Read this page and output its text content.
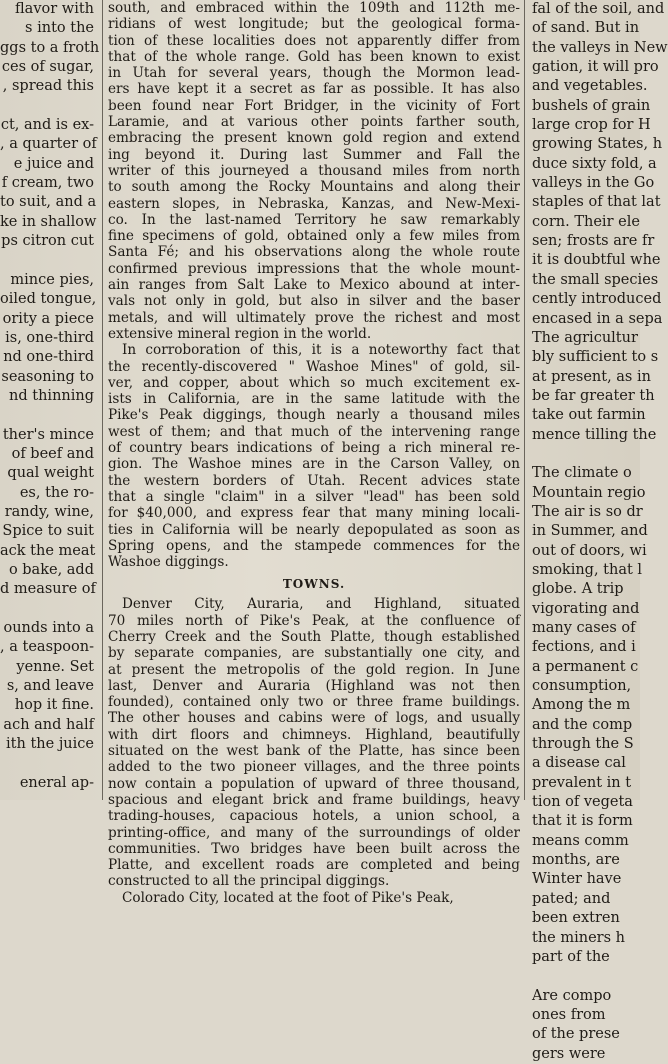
flavor with
s into the
ggs to a froth
ces of sugar,
, spread this

ct, and is ex-
, a quarter of
e juice and
f cream, two
to suit, and a
ke in shallow
ps citron cut

mince pies,
oiled tongue,
ority a piece
is, one-third
nd one-third
seasoning to
nd thinning

ther's mince
of beef and
qual weight
es, the ro-
randy, wine,
Spice to suit
ack the meat
o bake, add
d measure of

ounds into a
, a teaspoon-
yenne. Set
s, and leave
hop it fine.
ach and half
ith the juice

eneral ap-
south, and embraced within the 109th and 112th me-
ridians of west longitude; but the geological forma-
tion of these localities does not apparently differ from
that of the whole range. Gold has been known to exist
in Utah for several years, though the Mormon lead-
ers have kept it a secret as far as possible. It has also
been found near Fort Bridger, in the vicinity of Fort
Laramie, and at various other points farther south,
embracing the present known gold region and extend
ing beyond it. During last Summer and Fall the
writer of this journeyed a thousand miles from north
to south among the Rocky Mountains and along their
eastern slopes, in Nebraska, Kanzas, and New-Mexi-
co. In the last-named Territory he saw remarkably
fine specimens of gold, obtained only a few miles from
Santa Fé; and his observations along the whole route
confirmed previous impressions that the whole mount-
ain ranges from Salt Lake to Mexico abound at inter-
vals not only in gold, but also in silver and the baser
metals, and will ultimately prove the richest and most
extensive mineral region in the world.
In corroboration of this, it is a noteworthy fact that
the recently-discovered " Washoe Mines" of gold, sil-
ver, and copper, about which so much excitement ex-
ists in California, are in the same latitude with the
Pike's Peak diggings, though nearly a thousand miles
west of them; and that much of the intervening range
of country bears indications of being a rich mineral re-
gion. The Washoe mines are in the Carson Valley, on
the western borders of Utah. Recent advices state
that a single "claim" in a silver "lead" has been sold
for $40,000, and express fear that many mining locali-
ties in California will be nearly depopulated as soon as
Spring opens, and the stampede commences for the
Washoe diggings.
TOWNS.
Denver City, Auraria, and Highland, situated
70 miles north of Pike's Peak, at the confluence of
Cherry Creek and the South Platte, though established
by separate companies, are substantially one city, and
at present the metropolis of the gold region. In June
last, Denver and Auraria (Highland was not then
founded), contained only two or three frame buildings.
The other houses and cabins were of logs, and usually
with dirt floors and chimneys. Highland, beautifully
situated on the west bank of the Platte, has since been
added to the two pioneer villages, and the three points
now contain a population of upward of three thousand,
spacious and elegant brick and frame buildings, heavy
trading-houses, capacious hotels, a union school, a
printing-office, and many of the surroundings of older
communities. Two bridges have been built across the
Platte, and excellent roads are completed and being
constructed to all the principal diggings.
Colorado City, located at the foot of Pike's Peak,
fal of the soil, and
of sand. But in
the valleys in New
gation, it will pro
and vegetables.
bushels of grain
large crop for H
growing States, h
duce sixty fold, a
valleys in the Go
staples of that lat
corn. Their ele
sen; frosts are fr
it is doubtful whe
the small species
cently introduced
encased in a sepa
The agricultur
bly sufficient to s
at present, as in
be far greater th
take out farmin
mence tilling the

The climate o
Mountain regio
The air is so dr
in Summer, and
out of doors, wi
smoking, that l
globe. A trip
vigorating and
many cases of
fections, and i
a permanent c
consumption,
Among the m
and the comp
through the S
a disease cal
prevalent in t
tion of vegeta
that it is form
means comm
months, are
Winter have
pated; and
been extren
the miners h
part of the

Are compo
ones from
of the prese
gers were
